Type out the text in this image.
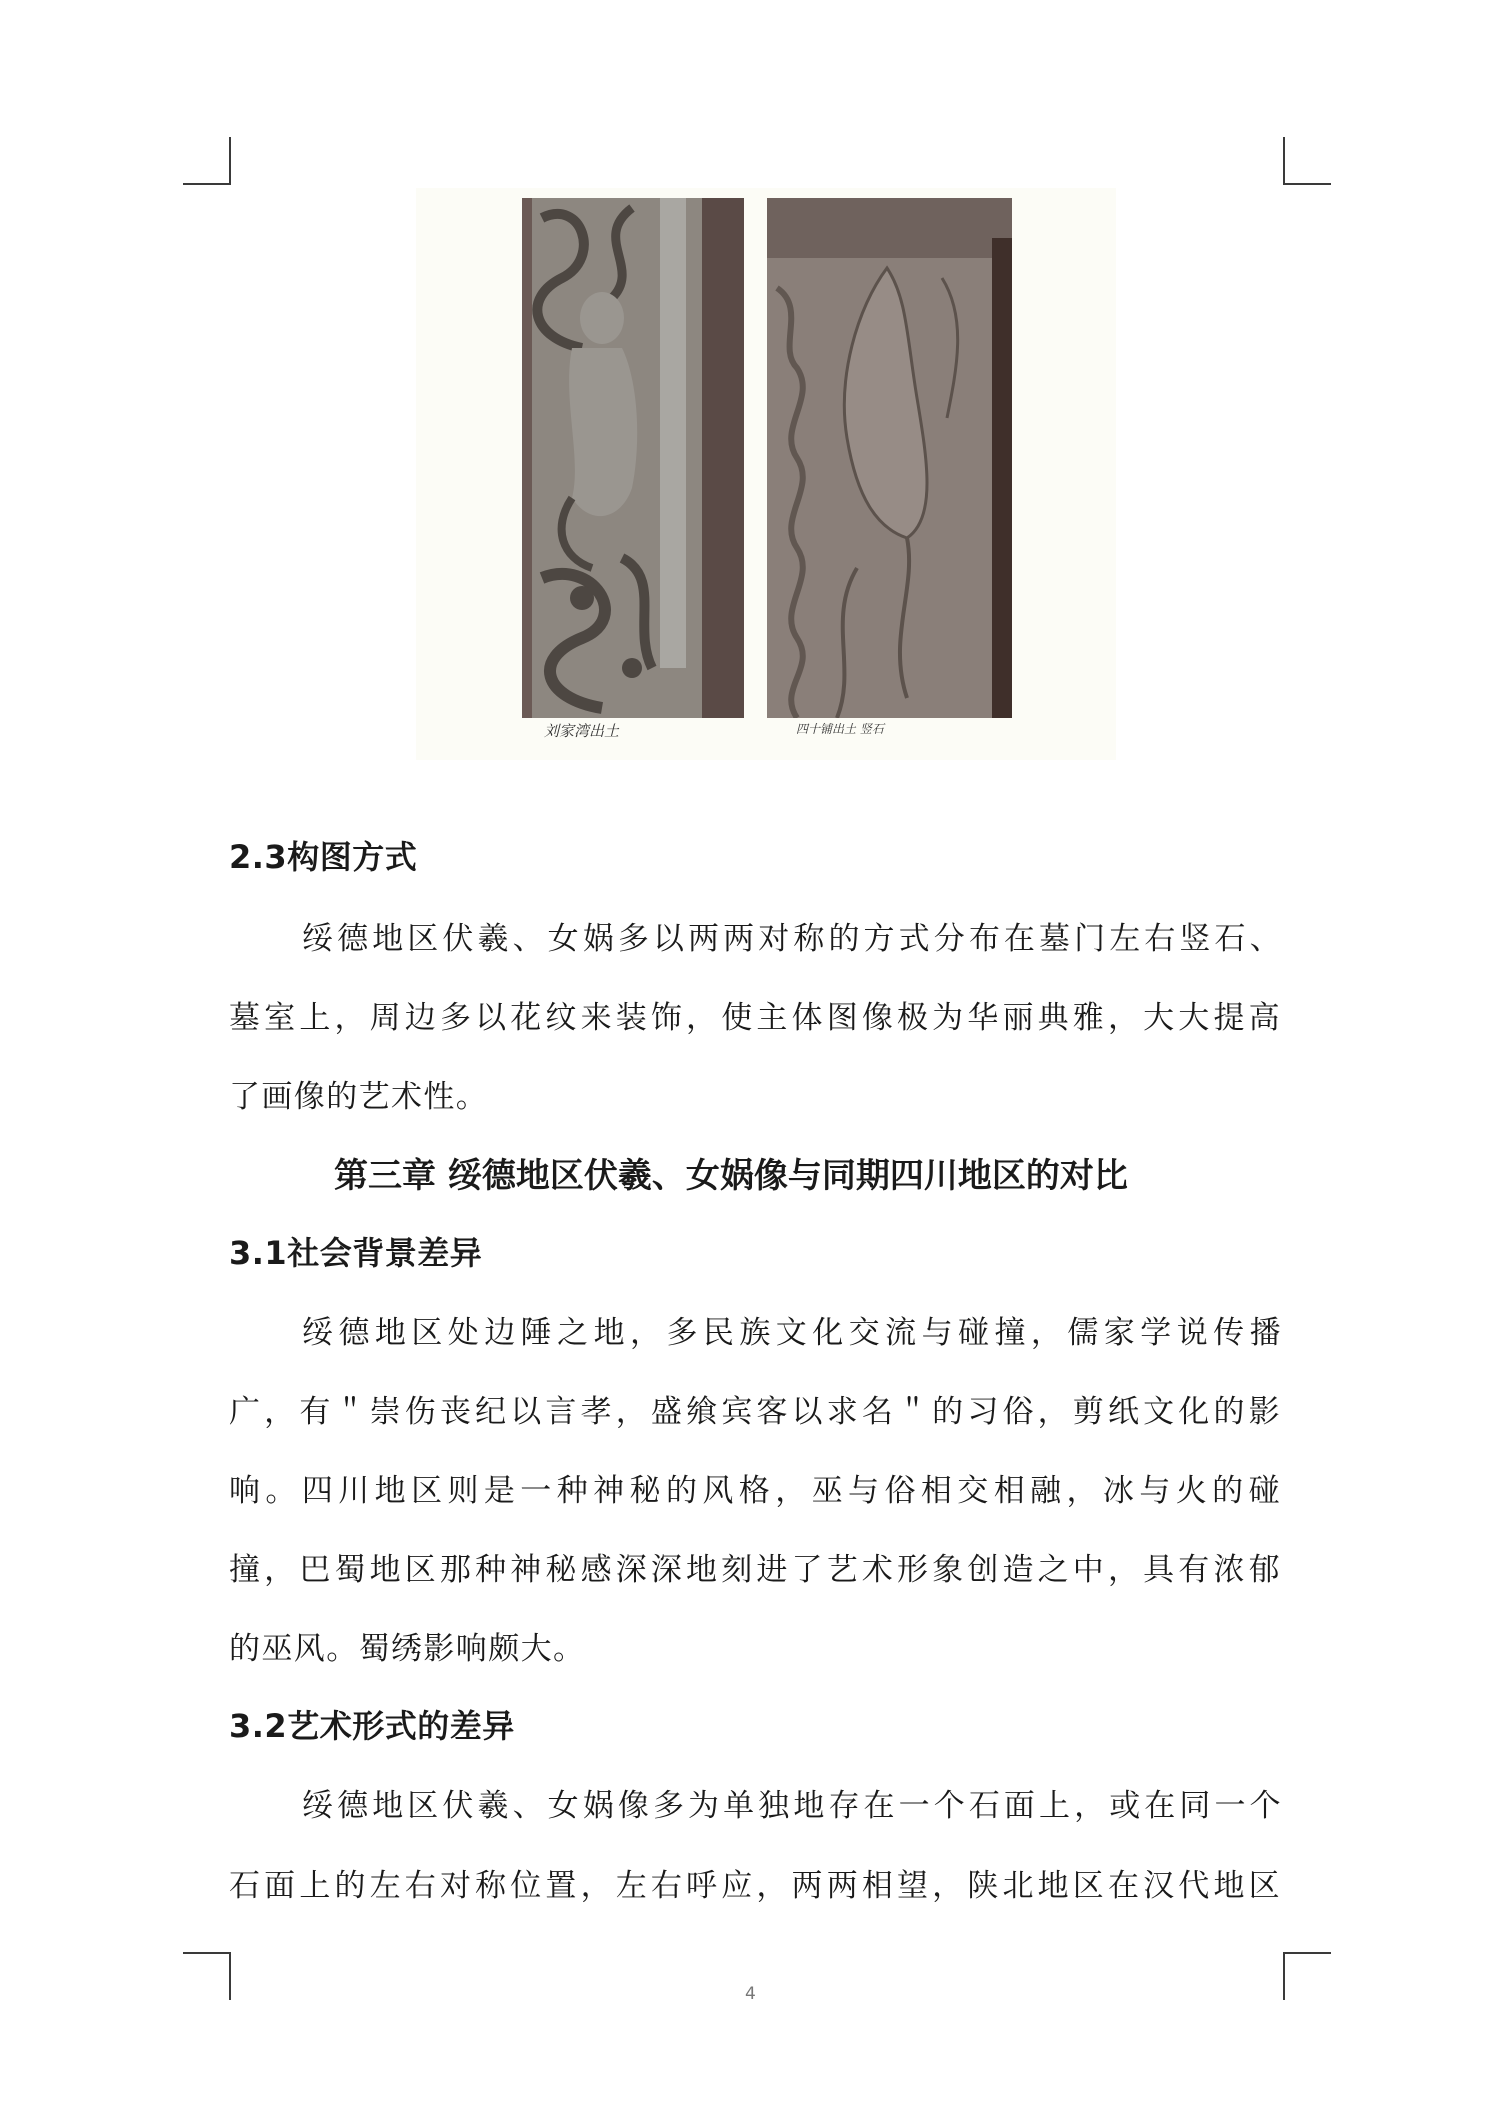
刘家湾出土	四十铺出土 竖石
2.3构图方式
绥德地区伏羲、女娲多以两两对称的方式分布在墓门左右竖石、
墓室上，周边多以花纹来装饰，使主体图像极为华丽典雅，大大提高
了画像的艺术性。
第三章 绥德地区伏羲、女娲像与同期四川地区的对比
3.1社会背景差异
绥德地区处边陲之地，多民族文化交流与碰撞，儒家学说传播
广，有＂崇伤丧纪以言孝，盛飨宾客以求名＂的习俗，剪纸文化的影
响。四川地区则是一种神秘的风格，巫与俗相交相融，冰与火的碰
撞，巴蜀地区那种神秘感深深地刻进了艺术形象创造之中，具有浓郁
的巫风。蜀绣影响颇大。
3.2艺术形式的差异
绥德地区伏羲、女娲像多为单独地存在一个石面上，或在同一个
石面上的左右对称位置，左右呼应，两两相望，陕北地区在汉代地区
4
